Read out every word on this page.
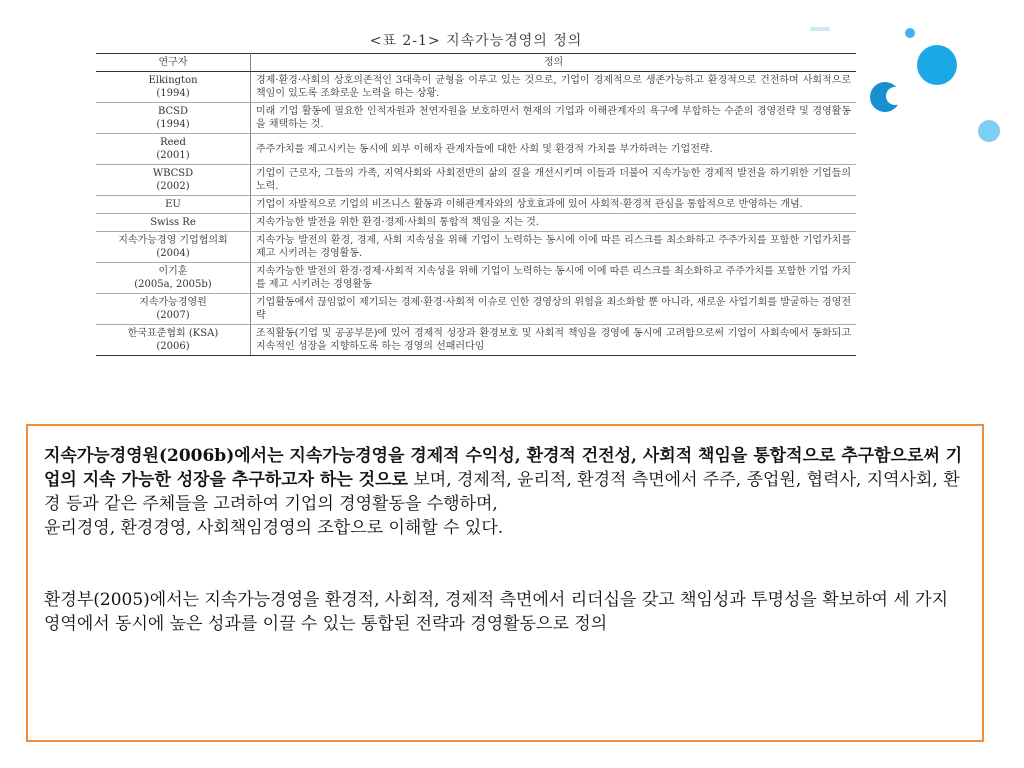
<표 2-1> 지속가능경영의 정의
연구자	정의

Elkington
(1994)	경제·환경·사회의 상호의존적인 3대축이 균형을 이루고 있는 것으로, 기업이 경제적으로 생존가능하고 환경적으로 건전하며 사회적으로 책임이 있도록 조화로운 노력을 하는 상황.

BCSD
(1994)	미래 기업 활동에 필요한 인적자원과 천연자원을 보호하면서 현재의 기업과 이해관계자의 욕구에 부합하는 수준의 경영전략 및 경영활동을 채택하는 것.

Reed
(2001)	주주가치를 제고시키는 동시에 외부 이해자 관계자들에 대한 사회 및 환경적 가치를 부가하려는 기업전략.

WBCSD
(2002)	기업이 근로자, 그들의 가족, 지역사회와 사회전반의 삶의 질을 개선시키며 이들과 더불어 지속가능한 경제적 발전을 하기위한 기업들의 노력.

EU	기업이 자발적으로 기업의 비즈니스 활동과 이해관계자와의 상호효과에 있어 사회적·환경적 관심을 통합적으로 반영하는 개념.

Swiss Re	지속가능한 발전을 위한 환경·경제·사회의 통합적 책임을 지는 것.

지속가능경영 기업협의회
(2004)	지속가능 발전의 환경, 경제, 사회 지속성을 위해 기업이 노력하는 동시에 이에 따른 리스크를 최소화하고 주주가치를 포함한 기업가치를 제고 시키려는 경영활동.

이기훈
(2005a, 2005b)	지속가능한 발전의 환경·경제·사회적 지속성을 위해 기업이 노력하는 동시에 이에 따른 리스크를 최소화하고 주주가치를 포함한 기업 가치를 제고 시키려는 경영활동

지속가능경영원
(2007)	기업활동에서 끊임없이 제기되는 경제·환경·사회적 이슈로 인한 경영상의 위험을 최소화할 뿐 아니라, 새로운 사업기회를 발굴하는 경영전략

한국표준협회 (KSA)
(2006)	조직활동(기업 및 공공부문)에 있어 경제적 성장과 환경보호 및 사회적 책임을 경영에 동시에 고려함으로써 기업이 사회속에서 동화되고 지속적인 성장을 지향하도록 하는 경영의 선패러다임

지속가능경영원(2006b)에서는 지속가능경영을 경제적 수익성, 환경적 건전성, 사회적 책임을 통합적으로 추구함으로써 기업의 지속 가능한 성장을 추구하고자 하는 것으로 보며, 경제적, 윤리적, 환경적 측면에서 주주, 종업원, 협력사, 지역사회, 환경 등과 같은 주체들을 고려하여 기업의 경영활동을 수행하며,

윤리경영, 환경경영, 사회책임경영의 조합으로 이해할 수 있다.

환경부(2005)에서는 지속가능경영을 환경적, 사회적, 경제적 측면에서 리더십을 갖고 책임성과 투명성을 확보하여 세 가지 영역에서 동시에 높은 성과를 이끌 수 있는 통합된 전략과 경영활동으로 정의
